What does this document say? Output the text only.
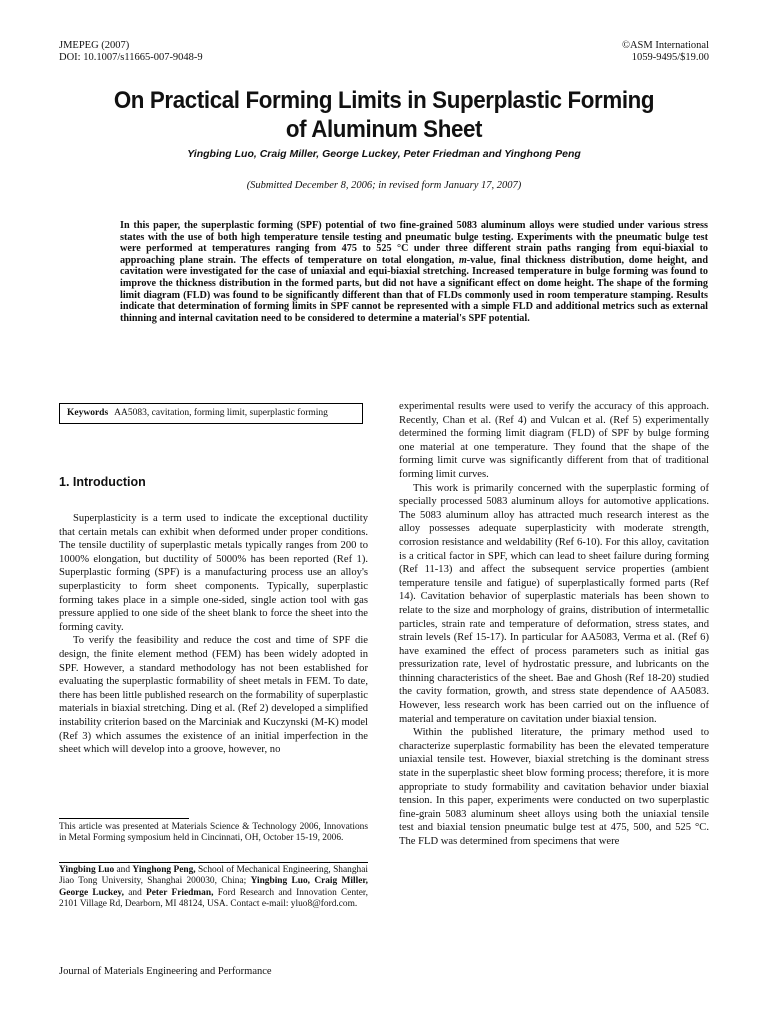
JMEPEG (2007)
DOI: 10.1007/s11665-007-9048-9
©ASM International
1059-9495/$19.00
On Practical Forming Limits in Superplastic Forming
of Aluminum Sheet
Yingbing Luo, Craig Miller, George Luckey, Peter Friedman and Yinghong Peng
(Submitted December 8, 2006; in revised form January 17, 2007)
In this paper, the superplastic forming (SPF) potential of two fine-grained 5083 aluminum alloys were studied under various stress states with the use of both high temperature tensile testing and pneumatic bulge testing. Experiments with the pneumatic bulge test were performed at temperatures ranging from 475 to 525 °C under three different strain paths ranging from equi-biaxial to approaching plane strain. The effects of temperature on total elongation, m-value, final thickness distribution, dome height, and cavitation were investigated for the case of uniaxial and equi-biaxial stretching. Increased temperature in bulge forming was found to improve the thickness distribution in the formed parts, but did not have a significant effect on dome height. The shape of the forming limit diagram (FLD) was found to be significantly different than that of FLDs commonly used in room temperature stamping. Results indicate that determination of forming limits in SPF cannot be represented with a simple FLD and additional metrics such as external thinning and internal cavitation need to be considered to determine a material's SPF potential.
Keywords AA5083, cavitation, forming limit, superplastic forming
1. Introduction

Superplasticity is a term used to indicate the exceptional ductility that certain metals can exhibit when deformed under proper conditions. The tensile ductility of superplastic metals typically ranges from 200 to 1000% elongation, but ductility of 5000% has been reported (Ref 1). Superplastic forming (SPF) is a manufacturing process use an alloy's superplasticity to form sheet components. Typically, superplastic forming takes place in a simple one-sided, single action tool with gas pressure applied to one side of the sheet blank to force the sheet into the forming cavity.

To verify the feasibility and reduce the cost and time of SPF die design, the finite element method (FEM) has been widely adopted in SPF. However, a standard methodology has not been established for evaluating the superplastic formability of sheet metals in FEM. To date, there has been little published research on the formability of superplastic materials in biaxial stretching. Ding et al. (Ref 2) developed a simplified instability criterion based on the Marciniak and Kuczynski (M-K) model (Ref 3) which assumes the existence of an initial imperfection in the sheet which will develop into a groove, however, no

This article was presented at Materials Science & Technology 2006, Innovations in Metal Forming symposium held in Cincinnati, OH, October 15-19, 2006.
Yingbing Luo and Yinghong Peng, School of Mechanical Engineering, Shanghai Jiao Tong University, Shanghai 200030, China; Yingbing Luo, Craig Miller, George Luckey, and Peter Friedman, Ford Research and Innovation Center, 2101 Village Rd, Dearborn, MI 48124, USA. Contact e-mail: yluo8@ford.com.

experimental results were used to verify the accuracy of this approach. Recently, Chan et al. (Ref 4) and Vulcan et al. (Ref 5) experimentally determined the forming limit diagram (FLD) of SPF by bulge forming one material at one temperature. They found that the shape of the forming limit curve was significantly different from that of traditional forming limit curves.

This work is primarily concerned with the superplastic forming of specially processed 5083 aluminum alloys for automotive applications. The 5083 aluminum alloy has attracted much research interest as the alloy possesses adequate superplasticity with moderate strength, corrosion resistance and weldability (Ref 6-10). For this alloy, cavitation is a critical factor in SPF, which can lead to sheet failure during forming (Ref 11-13) and affect the subsequent service properties (ambient temperature tensile and fatigue) of superplastically formed parts (Ref 14). Cavitation behavior of superplastic materials has been shown to relate to the size and morphology of grains, distribution of intermetallic particles, strain rate and temperature of deformation, stress states, and strain levels (Ref 15-17). In particular for AA5083, Verma et al. (Ref 6) have examined the effect of process parameters such as initial gas pressurization rate, level of hydrostatic pressure, and lubricants on the thinning characteristics of the sheet. Bae and Ghosh (Ref 18-20) studied the cavity formation, growth, and stress state dependence of AA5083. However, less research work has been carried out on the influence of material and temperature on cavitation under biaxial tension.

Within the published literature, the primary method used to characterize superplastic formability has been the elevated temperature uniaxial tensile test. However, biaxial stretching is the dominant stress state in the superplastic sheet blow forming process; therefore, it is more appropriate to study formability and cavitation behavior under biaxial tension. In this paper, experiments were conducted on two superplastic fine-grain 5083 aluminum sheet alloys using both the uniaxial tensile test and biaxial tension pneumatic bulge test at 475, 500, and 525 °C. The FLD was determined from specimens that were

Journal of Materials Engineering and Performance
